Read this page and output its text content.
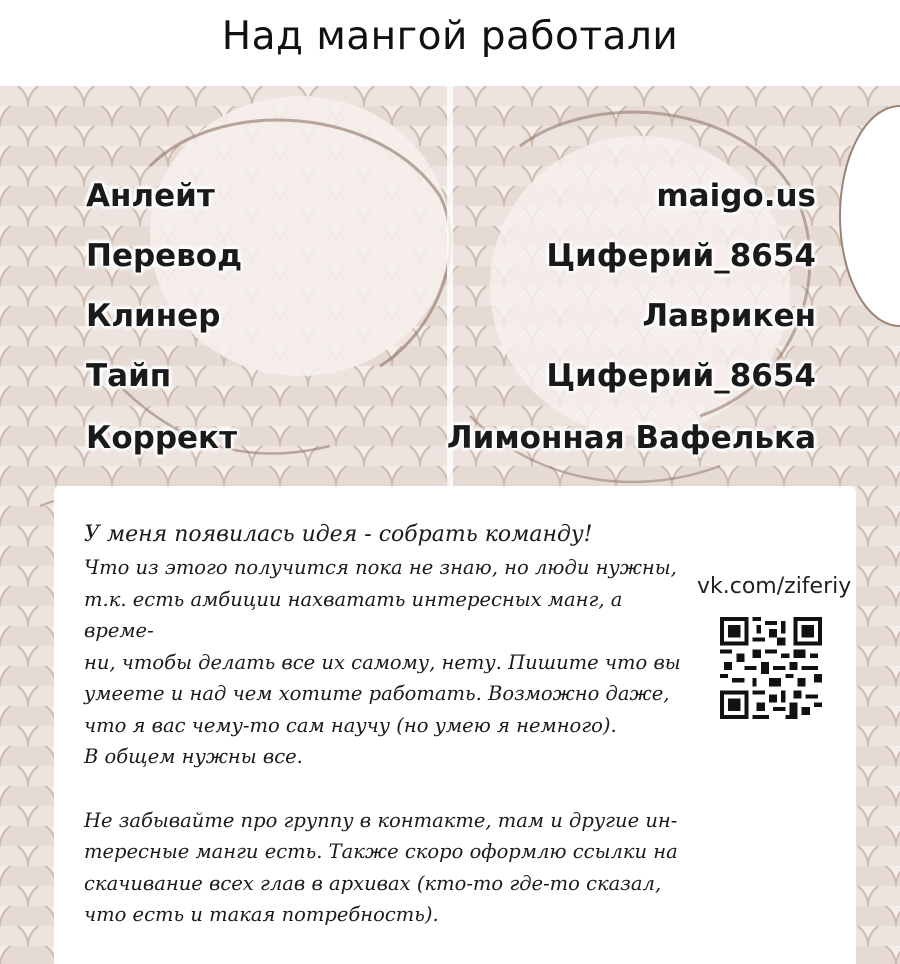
Над мангой работали
Анлейт	maigo.us
Перевод	Циферий_8654
Клинер	Лаврикен
Тайп	Циферий_8654
Коррект	Лимонная Вафелька

У меня появилась идея - собрать команду!

Что из этого получится пока не знаю, но люди нужны,

т.к. есть амбиции нахватать интересных манг, а време-

ни, чтобы делать все их самому, нету. Пишите что вы

умеете и над чем хотите работать. Возможно даже,

что я вас чему-то сам научу (но умею я немного).

В общем нужны все.

Не забывайте про группу в контакте, там и другие ин-

тересные манги есть. Также скоро оформлю ссылки на

скачивание всех глав в архивах (кто-то где-то сказал,

что есть и такая потребность).

vk.com/ziferiy
